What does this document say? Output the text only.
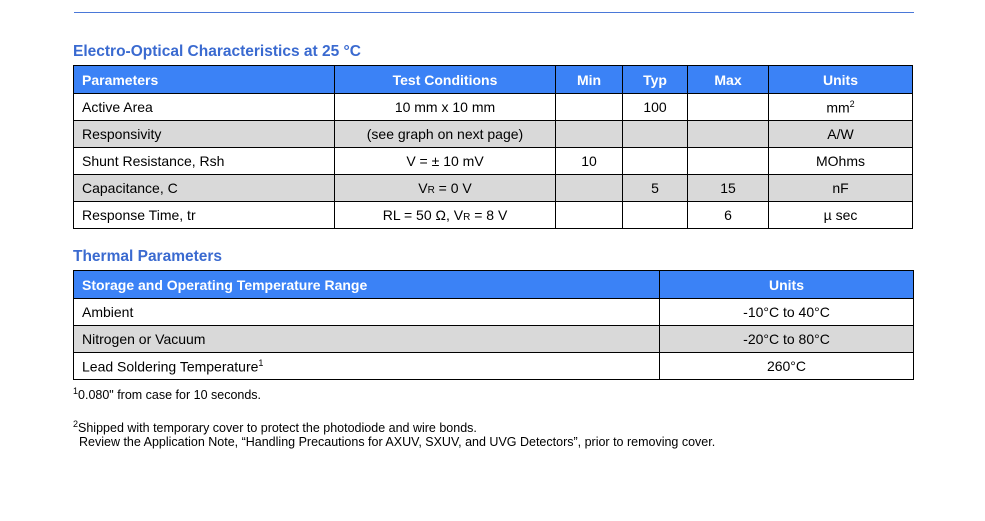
Electro-Optical Characteristics at 25 °C
Parameters	Test Conditions	Min	Typ	Max	Units
Active Area	10 mm x 10 mm		100		$mm^2$
Responsivity	(see graph on next page)				A/W
Shunt Resistance, Rsh	V = ± 10 mV	10			MOhms
Capacitance, C	VR = 0 V		5	15	nF
Response Time, tr	RL = 50 Ω, VR = 8 V			6	µ sec
Thermal Parameters
Storage and Operating Temperature Range	Units
Ambient	-10°C to 40°C
Nitrogen or Vacuum	-20°C to 80°C
Lead Soldering Temperature$^1$	260°C

$^1$0.080" from case for 10 seconds.

$^2$Shipped with temporary cover to protect the photodiode and wire bonds.

Review the Application Note, “Handling Precautions for AXUV, SXUV, and UVG Detectors”, prior to removing cover.
